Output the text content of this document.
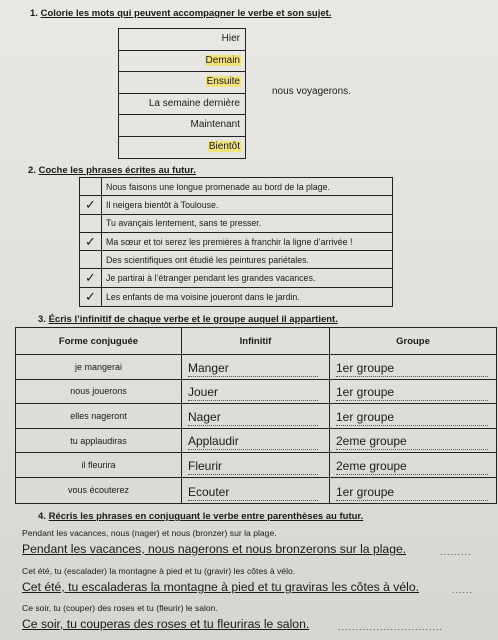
1. Colorie les mots qui peuvent accompagner le verbe et son sujet.
Hier
Demain
Ensuite
La semaine dernière
Maintenant
Bientôt
nous voyagerons.
2. Coche les phrases écrites au futur.
Nous faisons une longue promenade au bord de la plage.
✓	Il neigera bientôt à Toulouse.
Tu avançais lentement, sans te presser.
✓	Ma sœur et toi serez les premières à franchir la ligne d’arrivée !
Des scientifiques ont étudié les peintures pariétales.
✓	Je partirai à l’étranger pendant les grandes vacances.
✓	Les enfants de ma voisine joueront dans le jardin.
3. Écris l’infinitif de chaque verbe et le groupe auquel il appartient.
Forme conjuguée	Infinitif	Groupe
je mangerai	Manger	1er groupe
nous jouerons	Jouer	1er groupe
elles nageront	Nager	1er groupe
tu applaudiras	Applaudir	2eme groupe
il fleurira	Fleurir	2eme groupe
vous écouterez	Ecouter	1er groupe
4. Récris les phrases en conjuguant le verbe entre parenthèses au futur.
Pendant les vacances, nous (nager) et nous (bronzer) sur la plage.
Pendant les vacances, nous nagerons et nous bronzerons sur la plage.	.........
Cet été, tu (escalader) la montagne à pied et tu (gravir) les côtes à vélo.
Cet été, tu escaladeras la montagne à pied et tu graviras les côtes à vélo.	......
Ce soir, tu (couper) des roses et tu (fleurir) le salon.
Ce soir, tu couperas des roses et tu fleuriras le salon.	..............................
